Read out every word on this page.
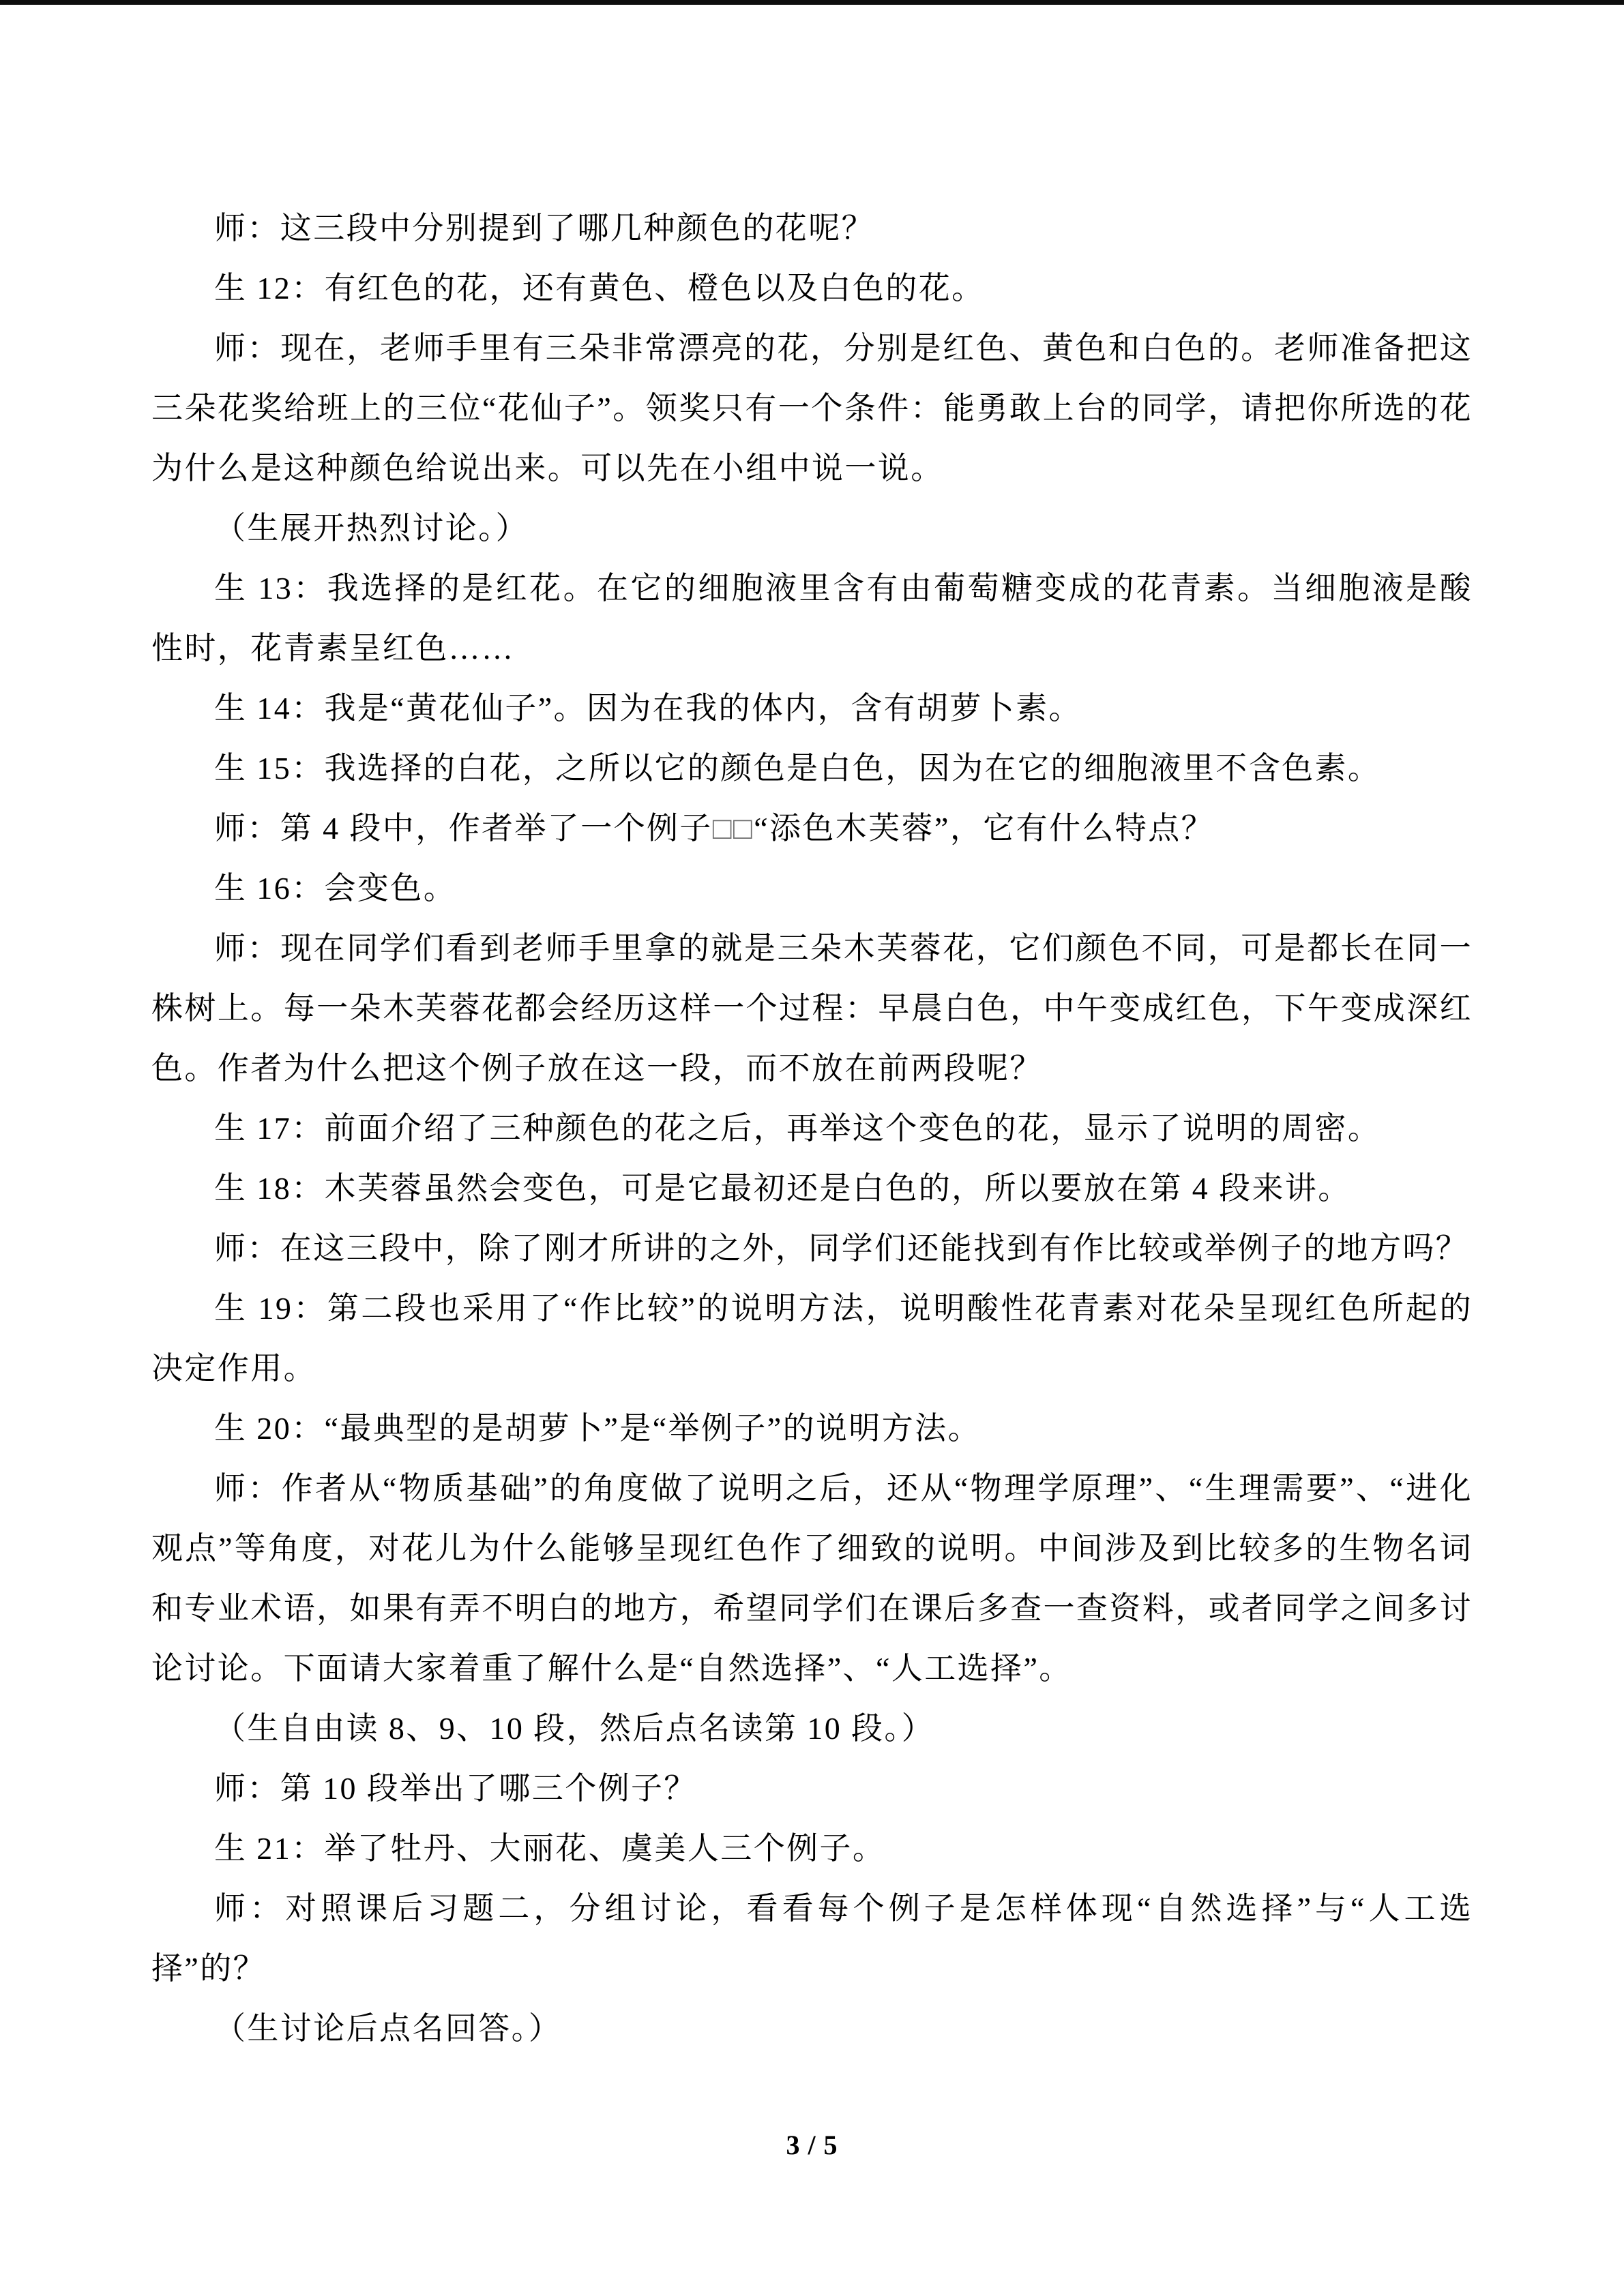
师：这三段中分别提到了哪几种颜色的花呢？

生 12：有红色的花，还有黄色、橙色以及白色的花。

师：现在，老师手里有三朵非常漂亮的花，分别是红色、黄色和白色的。老师准备把这三朵花奖给班上的三位“花仙子”。领奖只有一个条件：能勇敢上台的同学，请把你所选的花为什么是这种颜色给说出来。可以先在小组中说一说。

（生展开热烈讨论。）

生 13：我选择的是红花。在它的细胞液里含有由葡萄糖变成的花青素。当细胞液是酸性时，花青素呈红色……

生 14：我是“黄花仙子”。因为在我的体内，含有胡萝卜素。

生 15：我选择的白花，之所以它的颜色是白色，因为在它的细胞液里不含色素。

师：第 4 段中，作者举了一个例子□□“添色木芙蓉”，它有什么特点？

生 16：会变色。

师：现在同学们看到老师手里拿的就是三朵木芙蓉花，它们颜色不同，可是都长在同一株树上。每一朵木芙蓉花都会经历这样一个过程：早晨白色，中午变成红色，下午变成深红色。作者为什么把这个例子放在这一段，而不放在前两段呢？

生 17：前面介绍了三种颜色的花之后，再举这个变色的花，显示了说明的周密。

生 18：木芙蓉虽然会变色，可是它最初还是白色的，所以要放在第 4 段来讲。

师：在这三段中，除了刚才所讲的之外，同学们还能找到有作比较或举例子的地方吗？

生 19：第二段也采用了“作比较”的说明方法，说明酸性花青素对花朵呈现红色所起的决定作用。

生 20：“最典型的是胡萝卜”是“举例子”的说明方法。

师：作者从“物质基础”的角度做了说明之后，还从“物理学原理”、“生理需要”、“进化观点”等角度，对花儿为什么能够呈现红色作了细致的说明。中间涉及到比较多的生物名词和专业术语，如果有弄不明白的地方，希望同学们在课后多查一查资料，或者同学之间多讨论讨论。下面请大家着重了解什么是“自然选择”、“人工选择”。

（生自由读 8、9、10 段，然后点名读第 10 段。）

师：第 10 段举出了哪三个例子？

生 21：举了牡丹、大丽花、虞美人三个例子。

师：对照课后习题二，分组讨论，看看每个例子是怎样体现“自然选择”与“人工选择”的？

（生讨论后点名回答。）

3 / 5
